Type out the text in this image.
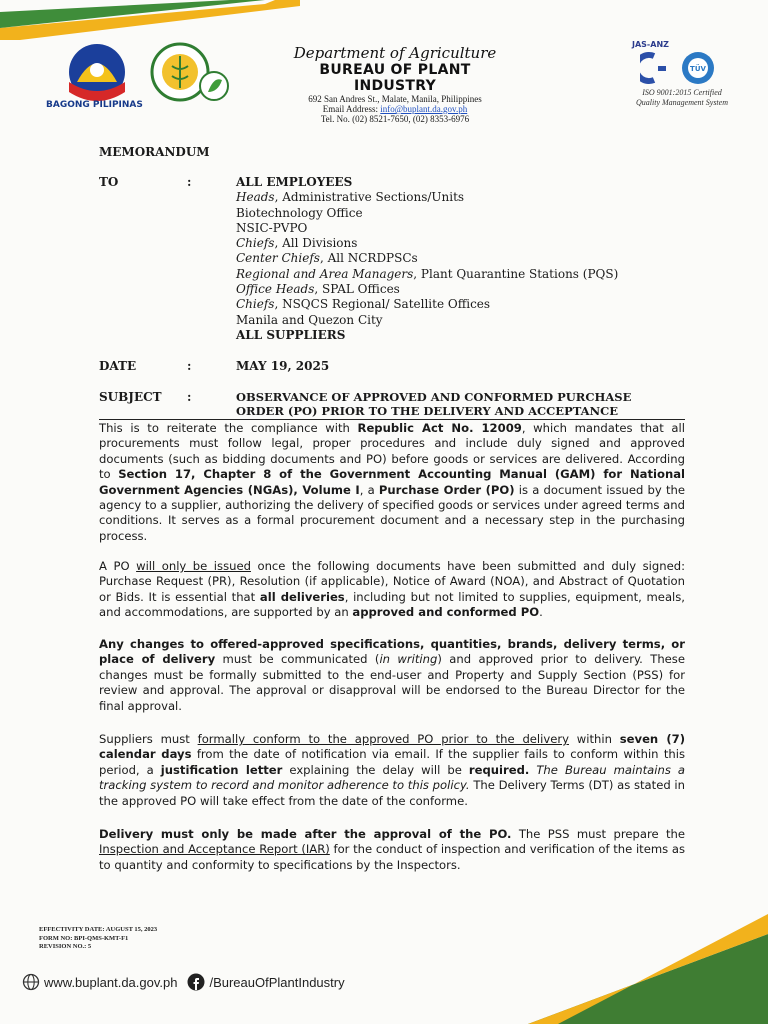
BAGONG PILIPINAS
Department of Agriculture
BUREAU OF PLANT INDUSTRY
692 San Andres St., Malate, Manila, Philippines
Email Address: info@buplant.da.gov.ph
Tel. No. (02) 8521-7650, (02) 8353-6976
JAS-ANZ
TÜV
ISO 9001:2015 Certified
Quality Management System
MEMORANDUM
TO	:	ALL EMPLOYEES
Heads, Administrative Sections/Units
Biotechnology Office
NSIC-PVPO
Chiefs, All Divisions
Center Chiefs, All NCRDPSCs
Regional and Area Managers, Plant Quarantine Stations (PQS)
Office Heads, SPAL Offices
Chiefs, NSQCS Regional/ Satellite Offices
Manila and Quezon City
ALL SUPPLIERS
DATE	:	MAY 19, 2025
SUBJECT :	OBSERVANCE OF APPROVED AND CONFORMED PURCHASE
ORDER (PO) PRIOR TO THE DELIVERY AND ACCEPTANCE
This is to reiterate the compliance with Republic Act No. 12009, which mandates that all procurements must follow legal, proper procedures and include duly signed and approved documents (such as bidding documents and PO) before goods or services are delivered. According to Section 17, Chapter 8 of the Government Accounting Manual (GAM) for National Government Agencies (NGAs), Volume I, a Purchase Order (PO) is a document issued by the agency to a supplier, authorizing the delivery of specified goods or services under agreed terms and conditions. It serves as a formal procurement document and a necessary step in the purchasing process.
A PO will only be issued once the following documents have been submitted and duly signed: Purchase Request (PR), Resolution (if applicable), Notice of Award (NOA), and Abstract of Quotation or Bids. It is essential that all deliveries, including but not limited to supplies, equipment, meals, and accommodations, are supported by an approved and conformed PO.
Any changes to offered-approved specifications, quantities, brands, delivery terms, or place of delivery must be communicated (in writing) and approved prior to delivery. These changes must be formally submitted to the end-user and Property and Supply Section (PSS) for review and approval. The approval or disapproval will be endorsed to the Bureau Director for the final approval.
Suppliers must formally conform to the approved PO prior to the delivery within seven (7) calendar days from the date of notification via email. If the supplier fails to conform within this period, a justification letter explaining the delay will be required. The Bureau maintains a tracking system to record and monitor adherence to this policy. The Delivery Terms (DT) as stated in the approved PO will take effect from the date of the conforme.
Delivery must only be made after the approval of the PO. The PSS must prepare the Inspection and Acceptance Report (IAR) for the conduct of inspection and verification of the items as to quantity and conformity to specifications by the Inspectors.
EFFECTIVITY DATE: AUGUST 15, 2023
FORM NO: BPI-QMS-KMT-F1
REVISION NO.: 5
www.buplant.da.gov.ph /BureauOfPlantIndustry
